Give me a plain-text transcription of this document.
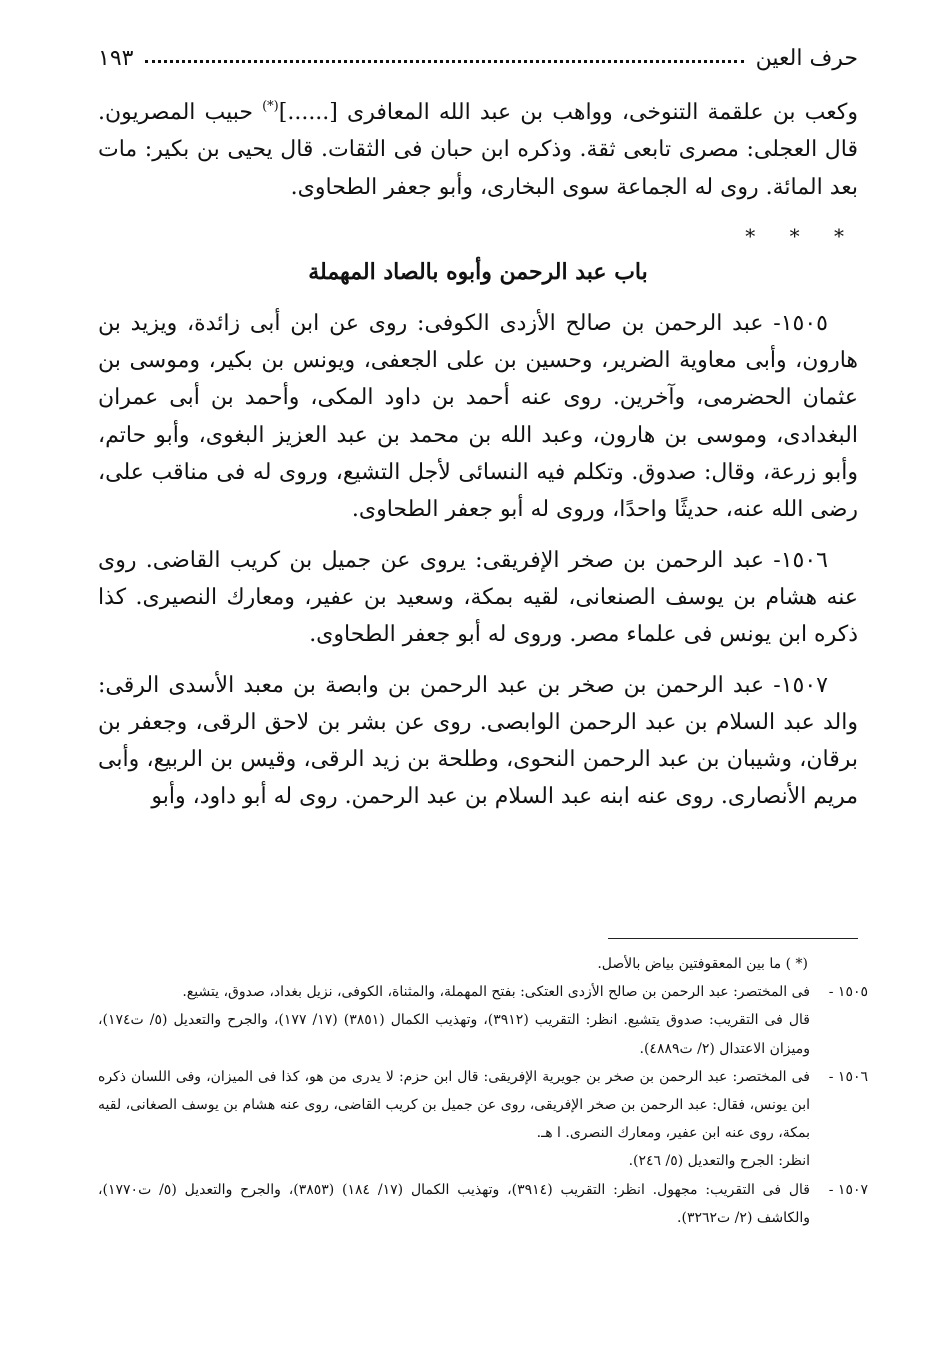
حرف العين
١٩٣

وكعب بن علقمة التنوخى، وواهب بن عبد الله المعافرى [......](*) حبيب المصريون. قال العجلى: مصرى تابعى ثقة. وذكره ابن حبان فى الثقات. قال يحيى بن بكير: مات بعد المائة. روى له الجماعة سوى البخارى، وأبو جعفر الطحاوى.

* * *
باب عبد الرحمن وأبوه بالصاد المهملة

١٥٠٥- عبد الرحمن بن صالح الأزدى الكوفى: روى عن ابن أبى زائدة، ويزيد بن هارون، وأبى معاوية الضرير، وحسين بن على الجعفى، ويونس بن بكير، وموسى بن عثمان الحضرمى، وآخرين. روى عنه أحمد بن داود المكى، وأحمد بن أبى عمران البغدادى، وموسى بن هارون، وعبد الله بن محمد بن عبد العزيز البغوى، وأبو حاتم، وأبو زرعة، وقال: صدوق. وتكلم فيه النسائى لأجل التشيع، وروى له فى مناقب على، رضى الله عنه، حديثًا واحدًا، وروى له أبو جعفر الطحاوى.

١٥٠٦- عبد الرحمن بن صخر الإفريقى: يروى عن جميل بن كريب القاضى. روى عنه هشام بن يوسف الصنعانى، لقيه بمكة، وسعيد بن عفير، ومعارك النصيرى. كذا ذكره ابن يونس فى علماء مصر. وروى له أبو جعفر الطحاوى.

١٥٠٧- عبد الرحمن بن صخر بن عبد الرحمن بن وابصة بن معبد الأسدى الرقى: والد عبد السلام بن عبد الرحمن الوابصى. روى عن بشر بن لاحق الرقى، وجعفر بن برقان، وشيبان بن عبد الرحمن النحوى، وطلحة بن زيد الرقى، وقيس بن الربيع، وأبى مريم الأنصارى. روى عنه ابنه عبد السلام بن عبد الرحمن. روى له أبو داود، وأبو

(* ) ما بين المعقوفتين بياض بالأصل.

١٥٠٥ -
فى المختصر: عبد الرحمن بن صالح الأزدى العتكى: بفتح المهملة، والمثناة، الكوفى، نزيل بغداد، صدوق، يتشيع.

قال فى التقريب: صدوق يتشيع. انظر: التقريب (٣٩١٢)، وتهذيب الكمال (٣٨٥١) (١٧/ ١٧٧)، والجرح والتعديل (٥/ ت١٧٤)، وميزان الاعتدال (٢/ ت٤٨٨٩).

١٥٠٦ -
فى المختصر: عبد الرحمن بن صخر بن جويرية الإفريقى: قال ابن حزم: لا يدرى من هو، كذا فى الميزان، وفى اللسان ذكره ابن يونس، فقال: عبد الرحمن بن صخر الإفريقى، روى عن جميل بن كريب القاضى، روى عنه هشام بن يوسف الصغانى، لقيه بمكة، روى عنه ابن عفير، ومعارك النصرى. ا هـ.

انظر: الجرح والتعديل (٥/ ٢٤٦).

١٥٠٧ -
قال فى التقريب: مجهول. انظر: التقريب (٣٩١٤)، وتهذيب الكمال (١٧/ ١٨٤) (٣٨٥٣)، والجرح والتعديل (٥/ ت١٧٧٠)، والكاشف (٢/ ت٣٢٦٢).
